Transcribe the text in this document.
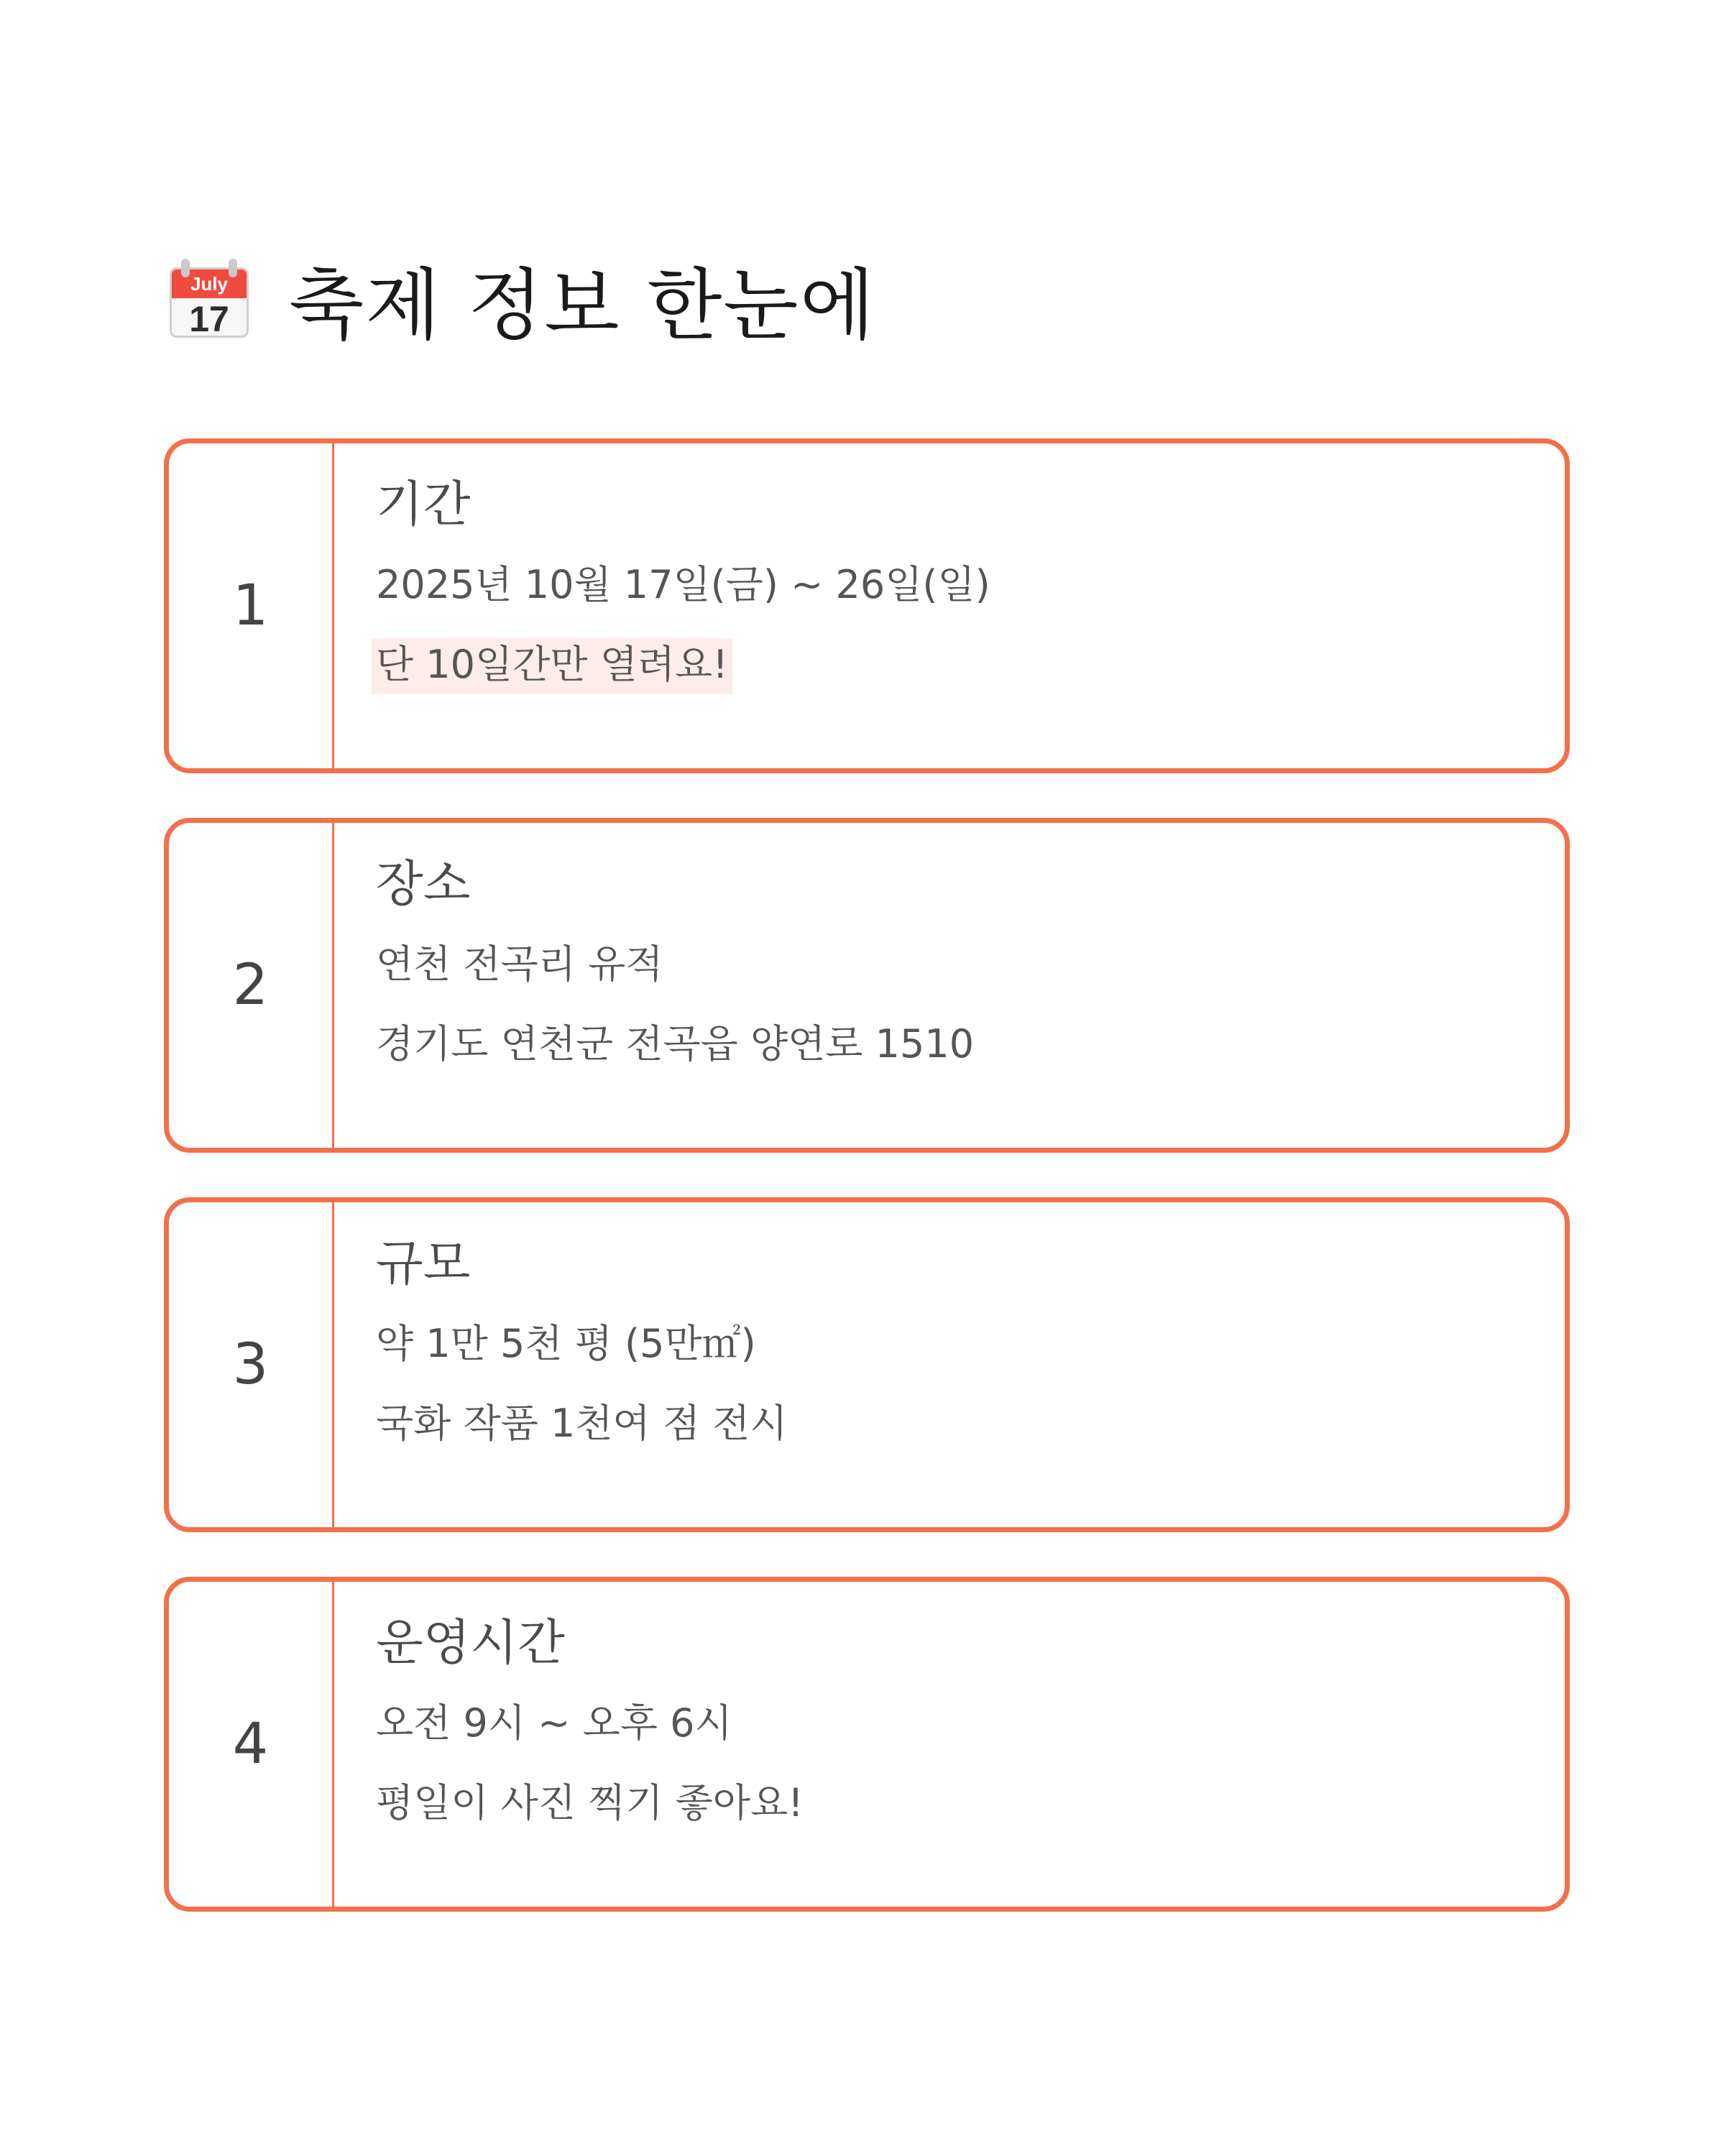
July
17 축제 정보 한눈에
1
기간

2025년 10월 17일(금) ~ 26일(일)

단 10일간만 열려요!

2
장소

연천 전곡리 유적

경기도 연천군 전곡읍 양연로 1510

3
규모

약 1만 5천 평 (5만㎡)

국화 작품 1천여 점 전시

4
운영시간

오전 9시 ~ 오후 6시

평일이 사진 찍기 좋아요!
